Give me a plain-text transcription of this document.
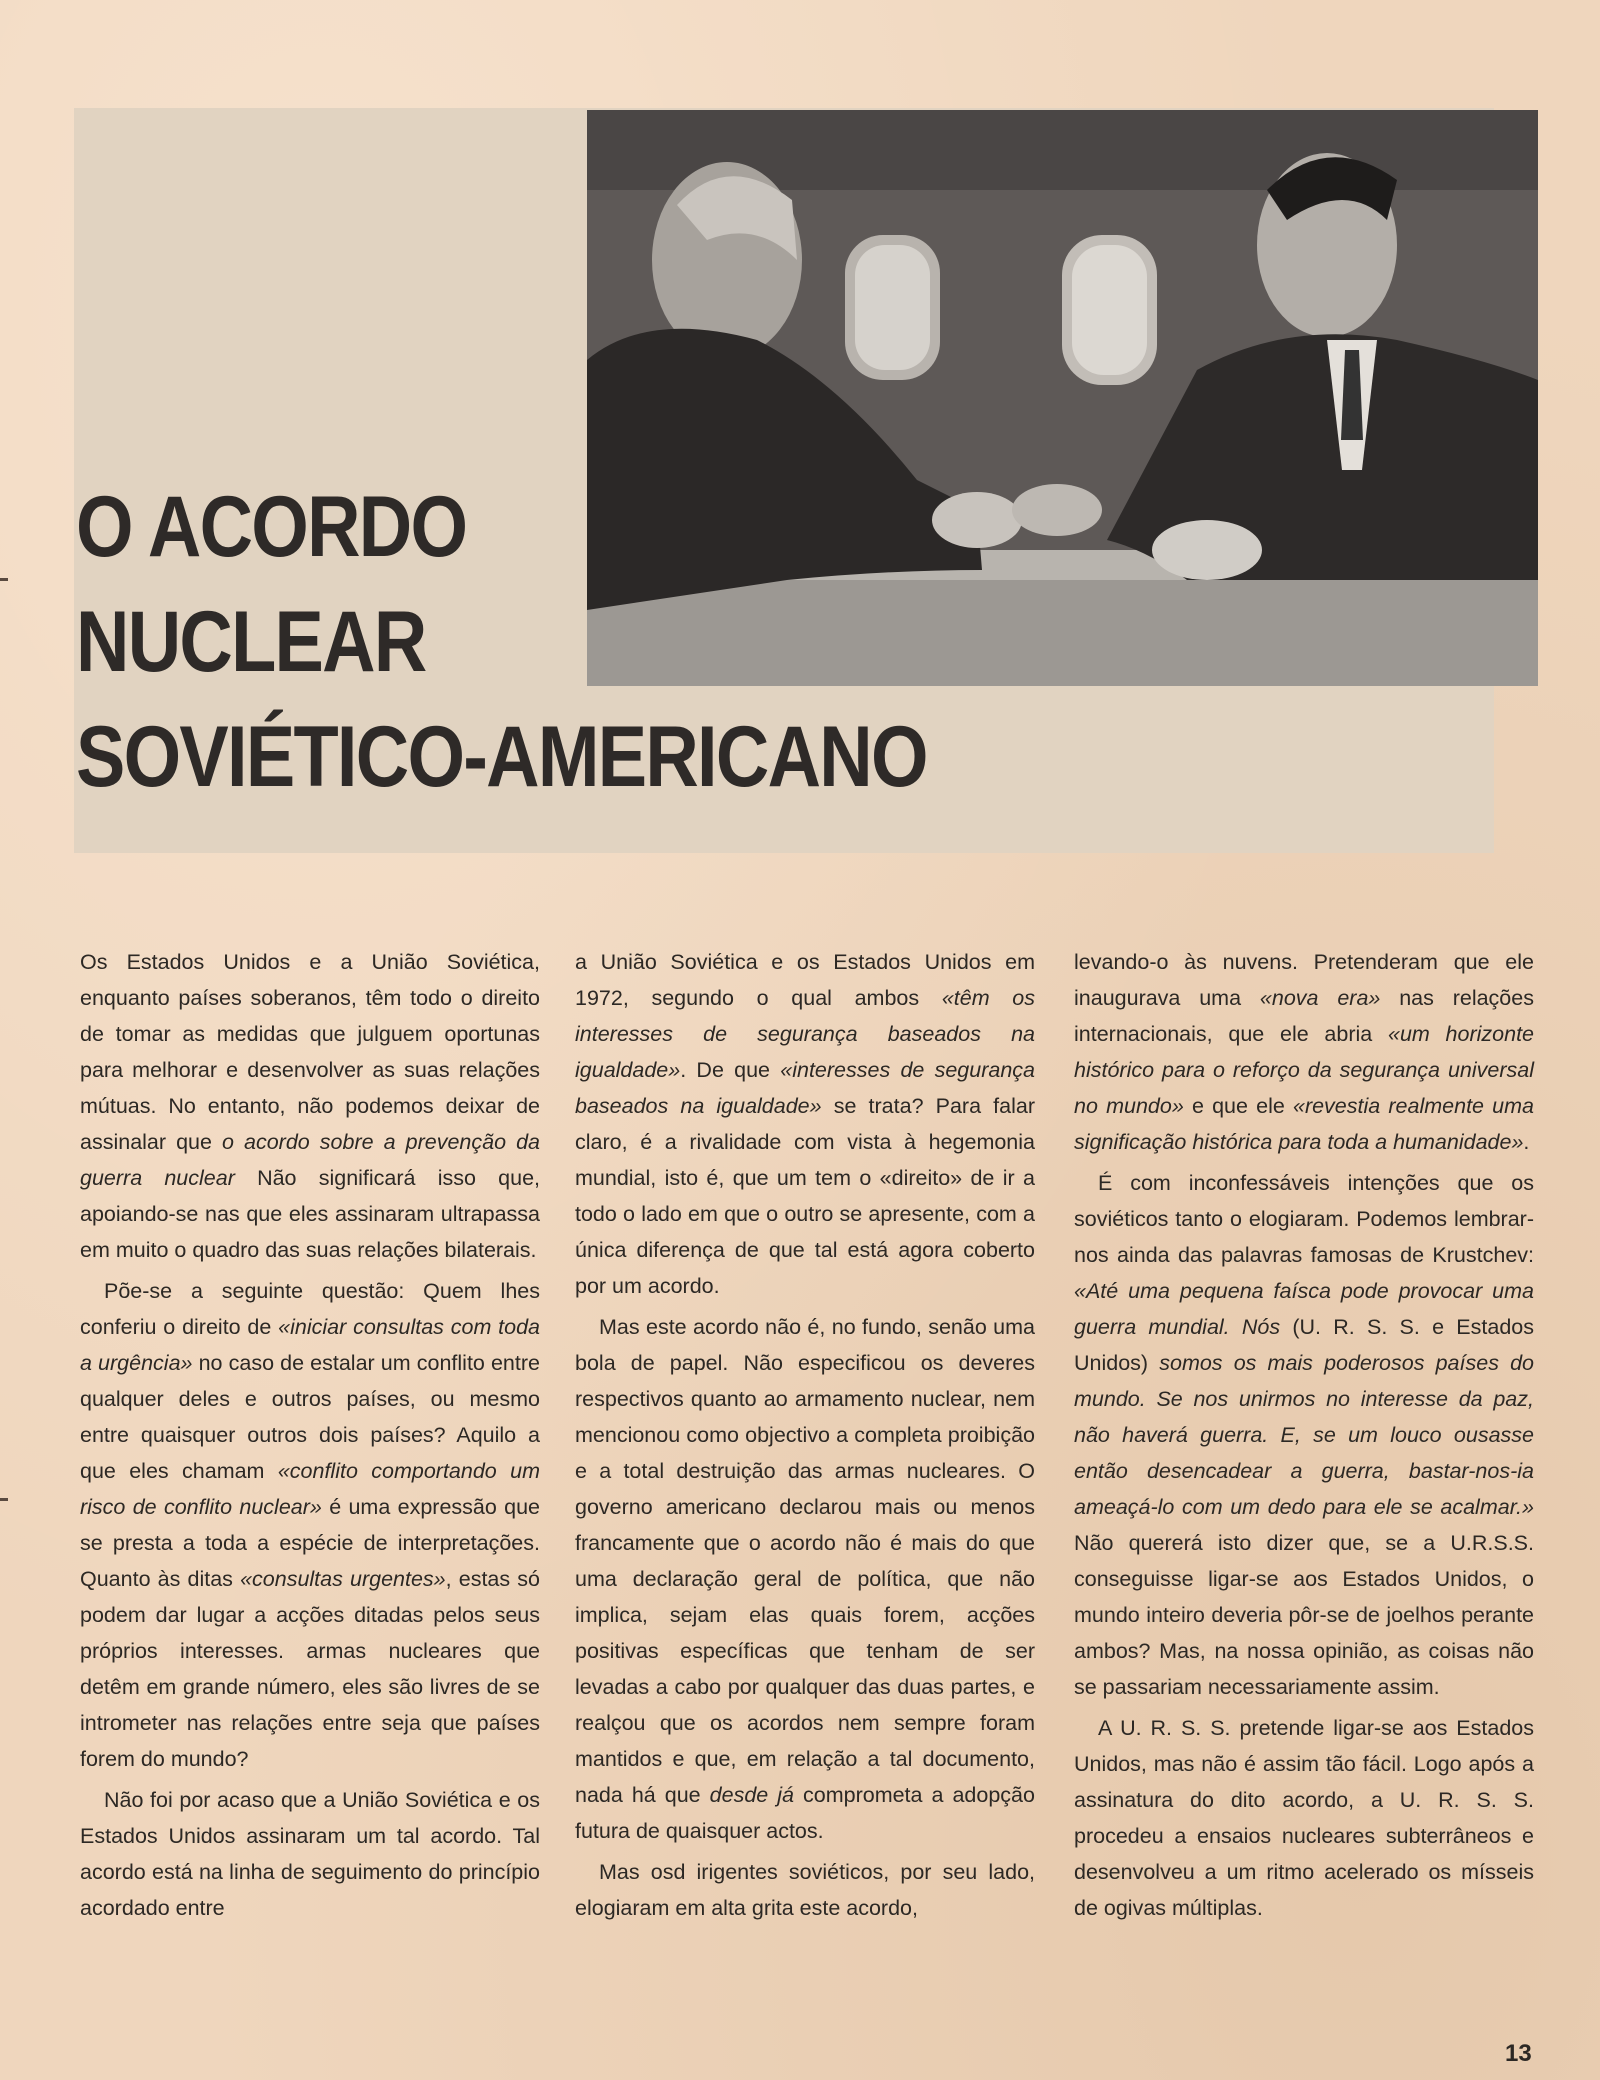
O ACORDO
NUCLEAR
SOVIÉTICO-AMERICANO

Os Estados Unidos e a União Soviética, enquanto países soberanos, têm todo o direito de tomar as medidas que julguem oportunas para melhorar e desenvolver as suas relações mútuas. No entanto, não podemos deixar de assinalar que o acordo sobre a prevenção da guerra nuclear Não significará isso que, apoiando-se nas que eles assinaram ultrapassa em muito o quadro das suas relações bilaterais.

Põe-se a seguinte questão: Quem lhes conferiu o direito de «iniciar consultas com toda a urgência» no caso de estalar um conflito entre qualquer deles e outros países, ou mesmo entre quaisquer outros dois países? Aquilo a que eles chamam «conflito comportando um risco de conflito nuclear» é uma expressão que se presta a toda a espécie de interpretações. Quanto às ditas «consultas urgentes», estas só podem dar lugar a acções ditadas pelos seus próprios interesses. armas nucleares que detêm em grande número, eles são livres de se intrometer nas relações entre seja que países forem do mundo?

Não foi por acaso que a União Soviética e os Estados Unidos assinaram um tal acordo. Tal acordo está na linha de seguimento do princípio acordado entre

a União Soviética e os Estados Unidos em 1972, segundo o qual ambos «têm os interesses de segurança baseados na igualdade». De que «interesses de segurança baseados na igualdade» se trata? Para falar claro, é a rivalidade com vista à hegemonia mundial, isto é, que um tem o «direito» de ir a todo o lado em que o outro se apresente, com a única diferença de que tal está agora coberto por um acordo.

Mas este acordo não é, no fundo, senão uma bola de papel. Não especificou os deveres respectivos quanto ao armamento nuclear, nem mencionou como objectivo a completa proibição e a total destruição das armas nucleares. O governo americano declarou mais ou menos francamente que o acordo não é mais do que uma declaração geral de política, que não implica, sejam elas quais forem, acções positivas específicas que tenham de ser levadas a cabo por qualquer das duas partes, e realçou que os acordos nem sempre foram mantidos e que, em relação a tal documento, nada há que desde já comprometa a adopção futura de quaisquer actos.

Mas osd irigentes soviéticos, por seu lado, elogiaram em alta grita este acordo,

levando-o às nuvens. Pretenderam que ele inaugurava uma «nova era» nas relações internacionais, que ele abria «um horizonte histórico para o reforço da segurança universal no mundo» e que ele «revestia realmente uma significação histórica para toda a humanidade».

É com inconfessáveis intenções que os soviéticos tanto o elogiaram. Podemos lembrar-nos ainda das palavras famosas de Krustchev: «Até uma pequena faísca pode provocar uma guerra mundial. Nós (U. R. S. S. e Estados Unidos) somos os mais poderosos países do mundo. Se nos unirmos no interesse da paz, não haverá guerra. E, se um louco ousasse então desencadear a guerra, bastar-nos-ia ameaçá-lo com um dedo para ele se acalmar.» Não quererá isto dizer que, se a U.R.S.S. conseguisse ligar-se aos Estados Unidos, o mundo inteiro deveria pôr-se de joelhos perante ambos? Mas, na nossa opinião, as coisas não se passariam necessariamente assim.

A U. R. S. S. pretende ligar-se aos Estados Unidos, mas não é assim tão fácil. Logo após a assinatura do dito acordo, a U. R. S. S. procedeu a ensaios nucleares subterrâneos e desenvolveu a um ritmo acelerado os mísseis de ogivas múltiplas.

13
